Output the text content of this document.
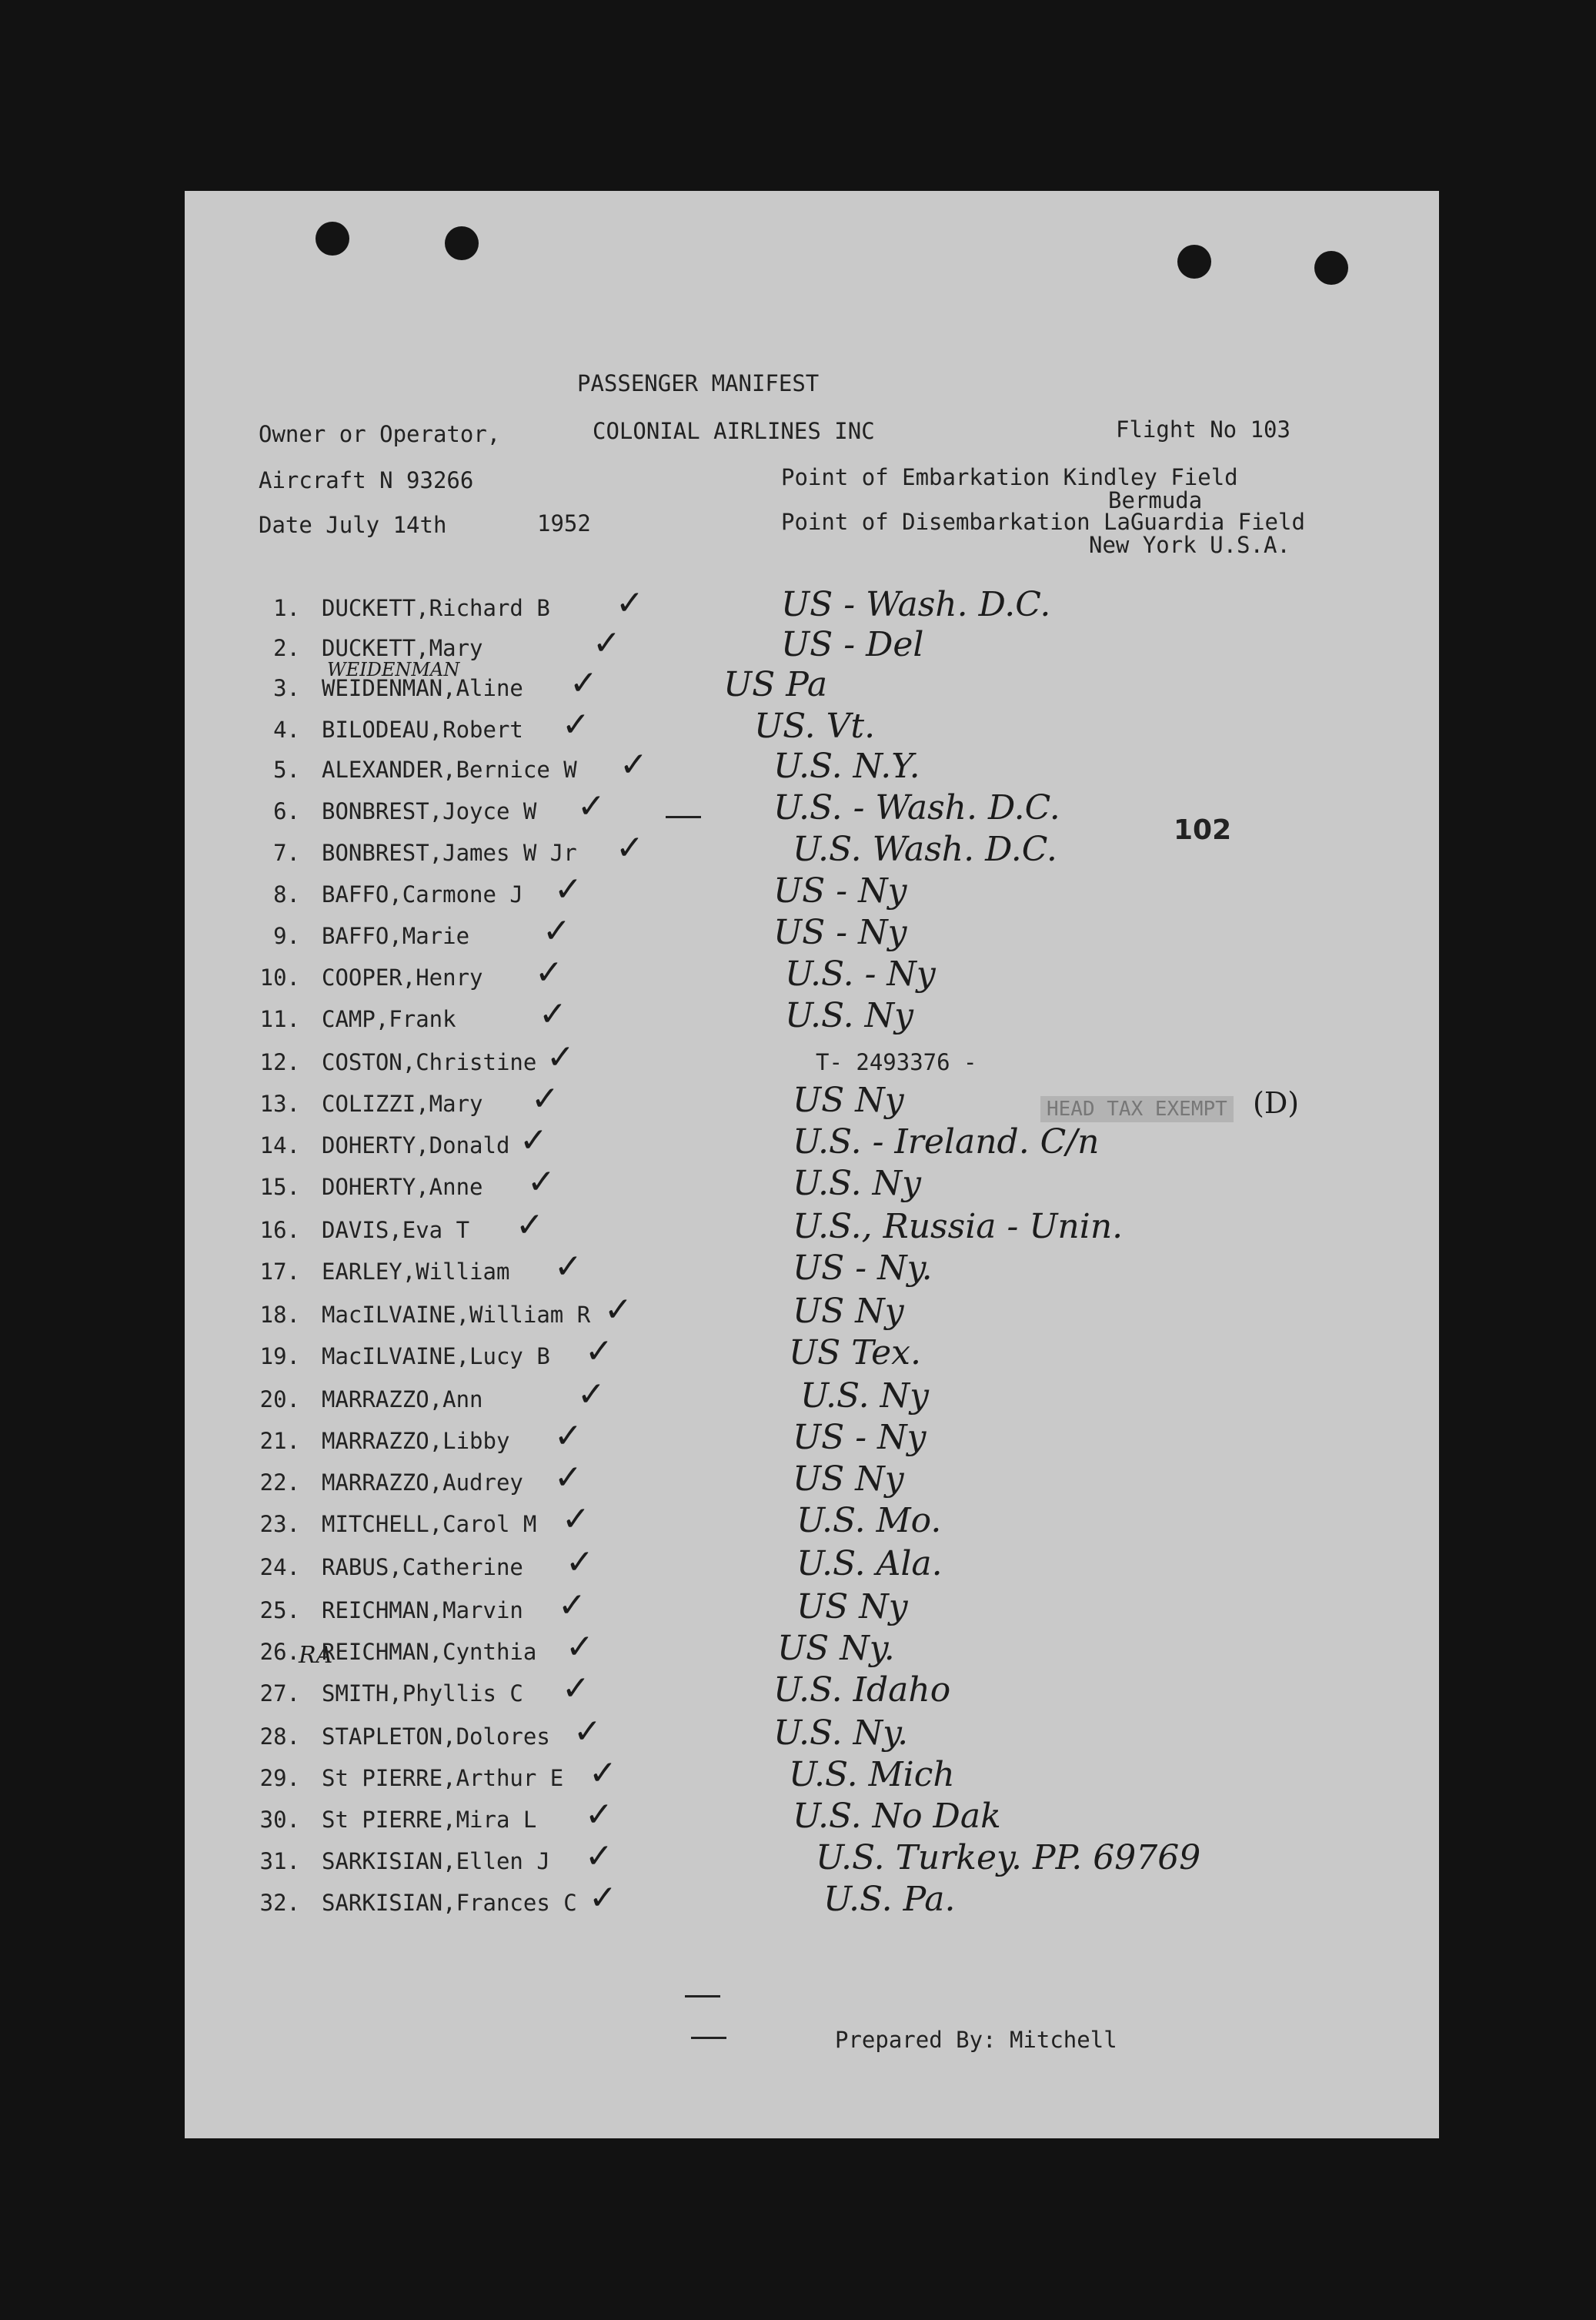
PASSENGER MANIFEST
Owner or Operator,	COLONIAL AIRLINES INC	Flight No 103
Aircraft N 93266	Point of Embarkation Kindley Field
Bermuda
Date July 14th	1952	Point of Disembarkation LaGuardia Field
New York U.S.A.
102
HEAD TAX EXEMPT (D)
WEIDENMAN
RA
1. DUCKETT,Richard B ✓	US - Wash. D.C.
2. DUCKETT,Mary	✓	US - Del
3. WEIDENMAN,Aline ✓	US Pa
4. BILODEAU,Robert ✓	US. Vt.
5. ALEXANDER,Bernice W ✓	U.S. N.Y.
6. BONBREST,Joyce W ✓	U.S. - Wash. D.C.
7. BONBREST,James W Jr ✓	U.S. Wash. D.C.
8. BAFFO,Carmone J ✓	US - Ny
9. BAFFO,Marie ✓	US - Ny
10. COOPER,Henry ✓	U.S. - Ny
11. CAMP,Frank ✓	U.S. Ny
12. COSTON,Christine ✓	T- 2493376 -
13. COLIZZI,Mary ✓	US Ny
14. DOHERTY,Donald ✓	U.S. - Ireland. C/n
15. DOHERTY,Anne ✓	U.S. Ny
16. DAVIS,Eva T ✓	U.S., Russia - Unin.
17. EARLEY,William ✓	US - Ny.
18. MacILVAINE,William R ✓	US Ny
19. MacILVAINE,Lucy B ✓	US Tex.
20. MARRAZZO,Ann	✓	U.S. Ny
21. MARRAZZO,Libby ✓	US - Ny
22. MARRAZZO,Audrey ✓	US Ny
23. MITCHELL,Carol M ✓	U.S. Mo.
24. RABUS,Catherine ✓	U.S. Ala.
25. REICHMAN,Marvin ✓	US Ny
26. REICHMAN,Cynthia ✓	US Ny.
27. SMITH,Phyllis C ✓	U.S. Idaho
28. STAPLETON,Dolores ✓	U.S. Ny.
29. St PIERRE,Arthur E ✓	U.S. Mich
30. St PIERRE,Mira L ✓	U.S. No Dak
31. SARKISIAN,Ellen J ✓	U.S. Turkey. PP. 69769
32. SARKISIAN,Frances C ✓	U.S. Pa.
Prepared By: Mitchell
